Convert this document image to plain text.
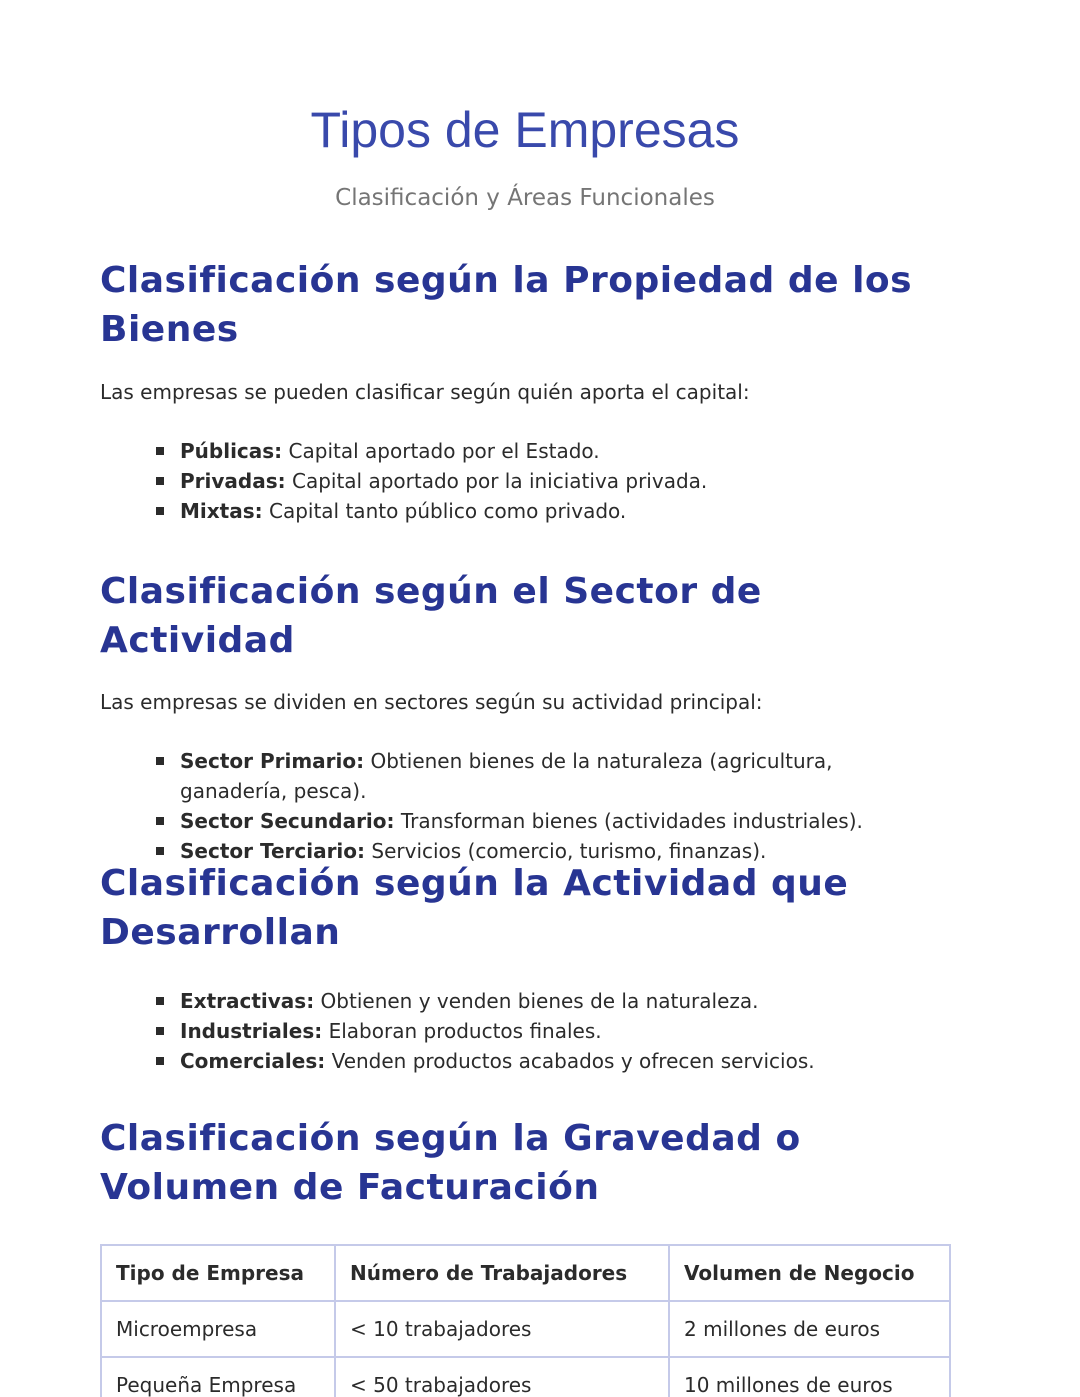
Tipos de Empresas
Clasificación y Áreas Funcionales
Clasificación según la Propiedad de los Bienes

Las empresas se pueden clasificar según quién aporta el capital:

Públicas: Capital aportado por el Estado.
Privadas: Capital aportado por la iniciativa privada.
Mixtas: Capital tanto público como privado.
Clasificación según el Sector de Actividad

Las empresas se dividen en sectores según su actividad principal:

Sector Primario: Obtienen bienes de la naturaleza (agricultura, ganadería, pesca).
Sector Secundario: Transforman bienes (actividades industriales).
Sector Terciario: Servicios (comercio, turismo, finanzas).
Clasificación según la Actividad que Desarrollan
Extractivas: Obtienen y venden bienes de la naturaleza.
Industriales: Elaboran productos finales.
Comerciales: Venden productos acabados y ofrecen servicios.
Clasificación según la Gravedad o Volumen de Facturación
Tipo de Empresa	Número de Trabajadores	Volumen de Negocio
Microempresa	< 10 trabajadores	2 millones de euros
Pequeña Empresa	< 50 trabajadores	10 millones de euros
